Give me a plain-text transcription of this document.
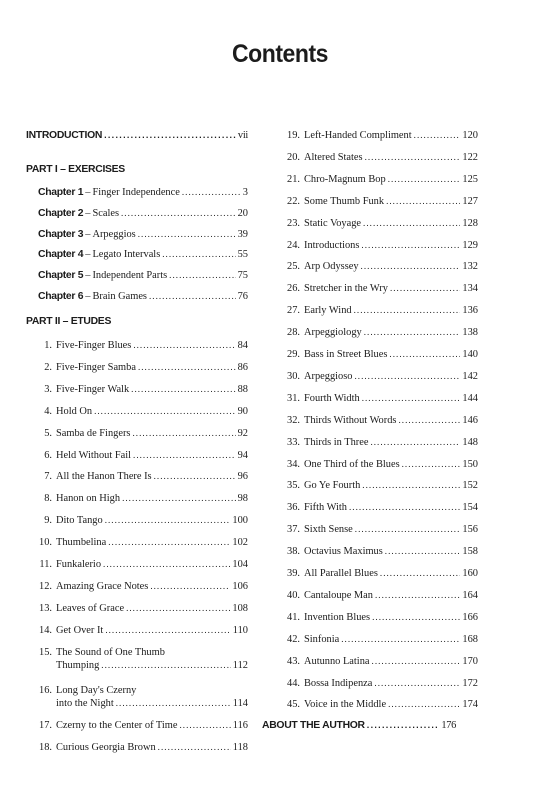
Contents
INTRODUCTION . . .	vii
PART I – EXERCISES
Chapter 1 – Finger Independence . . .	3
Chapter 2 – Scales . . .	20
Chapter 3 – Arpeggios . . .	39
Chapter 4 – Legato Intervals . . .	55
Chapter 5 – Independent Parts . . .	75
Chapter 6 – Brain Games . . .	76
PART II – ETUDES
1. Five-Finger Blues . . .	84
2. Five-Finger Samba . . .	86
3. Five-Finger Walk . . .	88
4. Hold On . . .	90
5. Samba de Fingers . . .	92
6. Held Without Fail . . .	94
7. All the Hanon There Is . . .	96
8. Hanon on High . . .	98
9. Dito Tango . . .	100
10. Thumbelina . . .	102
11. Funkalerio . . .	104
12. Amazing Grace Notes . . .	106
13. Leaves of Grace . . .	108
14. Get Over It . . .	110
15. The Sound of One Thumb
Thumping . . .	112
16. Long Day's Czerny
into the Night . . .	114
17. Czerny to the Center of Time . . .	116
18. Curious Georgia Brown . . .	118
19. Left-Handed Compliment . . .	120
20. Altered States . . .	122
21. Chro-Magnum Bop . . .	125
22. Some Thumb Funk . . .	127
23. Static Voyage . . .	128
24. Introductions . . .	129
25. Arp Odyssey . . .	132
26. Stretcher in the Wry . . .	134
27. Early Wind . . .	136
28. Arpeggiology . . .	138
29. Bass in Street Blues . . .	140
30. Arpeggioso . . .	142
31. Fourth Width . . .	144
32. Thirds Without Words . . .	146
33. Thirds in Three . . .	148
34. One Third of the Blues . . .	150
35. Go Ye Fourth . . .	152
36. Fifth With . . .	154
37. Sixth Sense . . .	156
38. Octavius Maximus . . .	158
39. All Parallel Blues . . .	160
40. Cantaloupe Man . . .	164
41. Invention Blues . . .	166
42. Sinfonia . . .	168
43. Autunno Latina . . .	170
44. Bossa Indipenza . . .	172
45. Voice in the Middle . . .	174
ABOUT THE AUTHOR . . .	176
